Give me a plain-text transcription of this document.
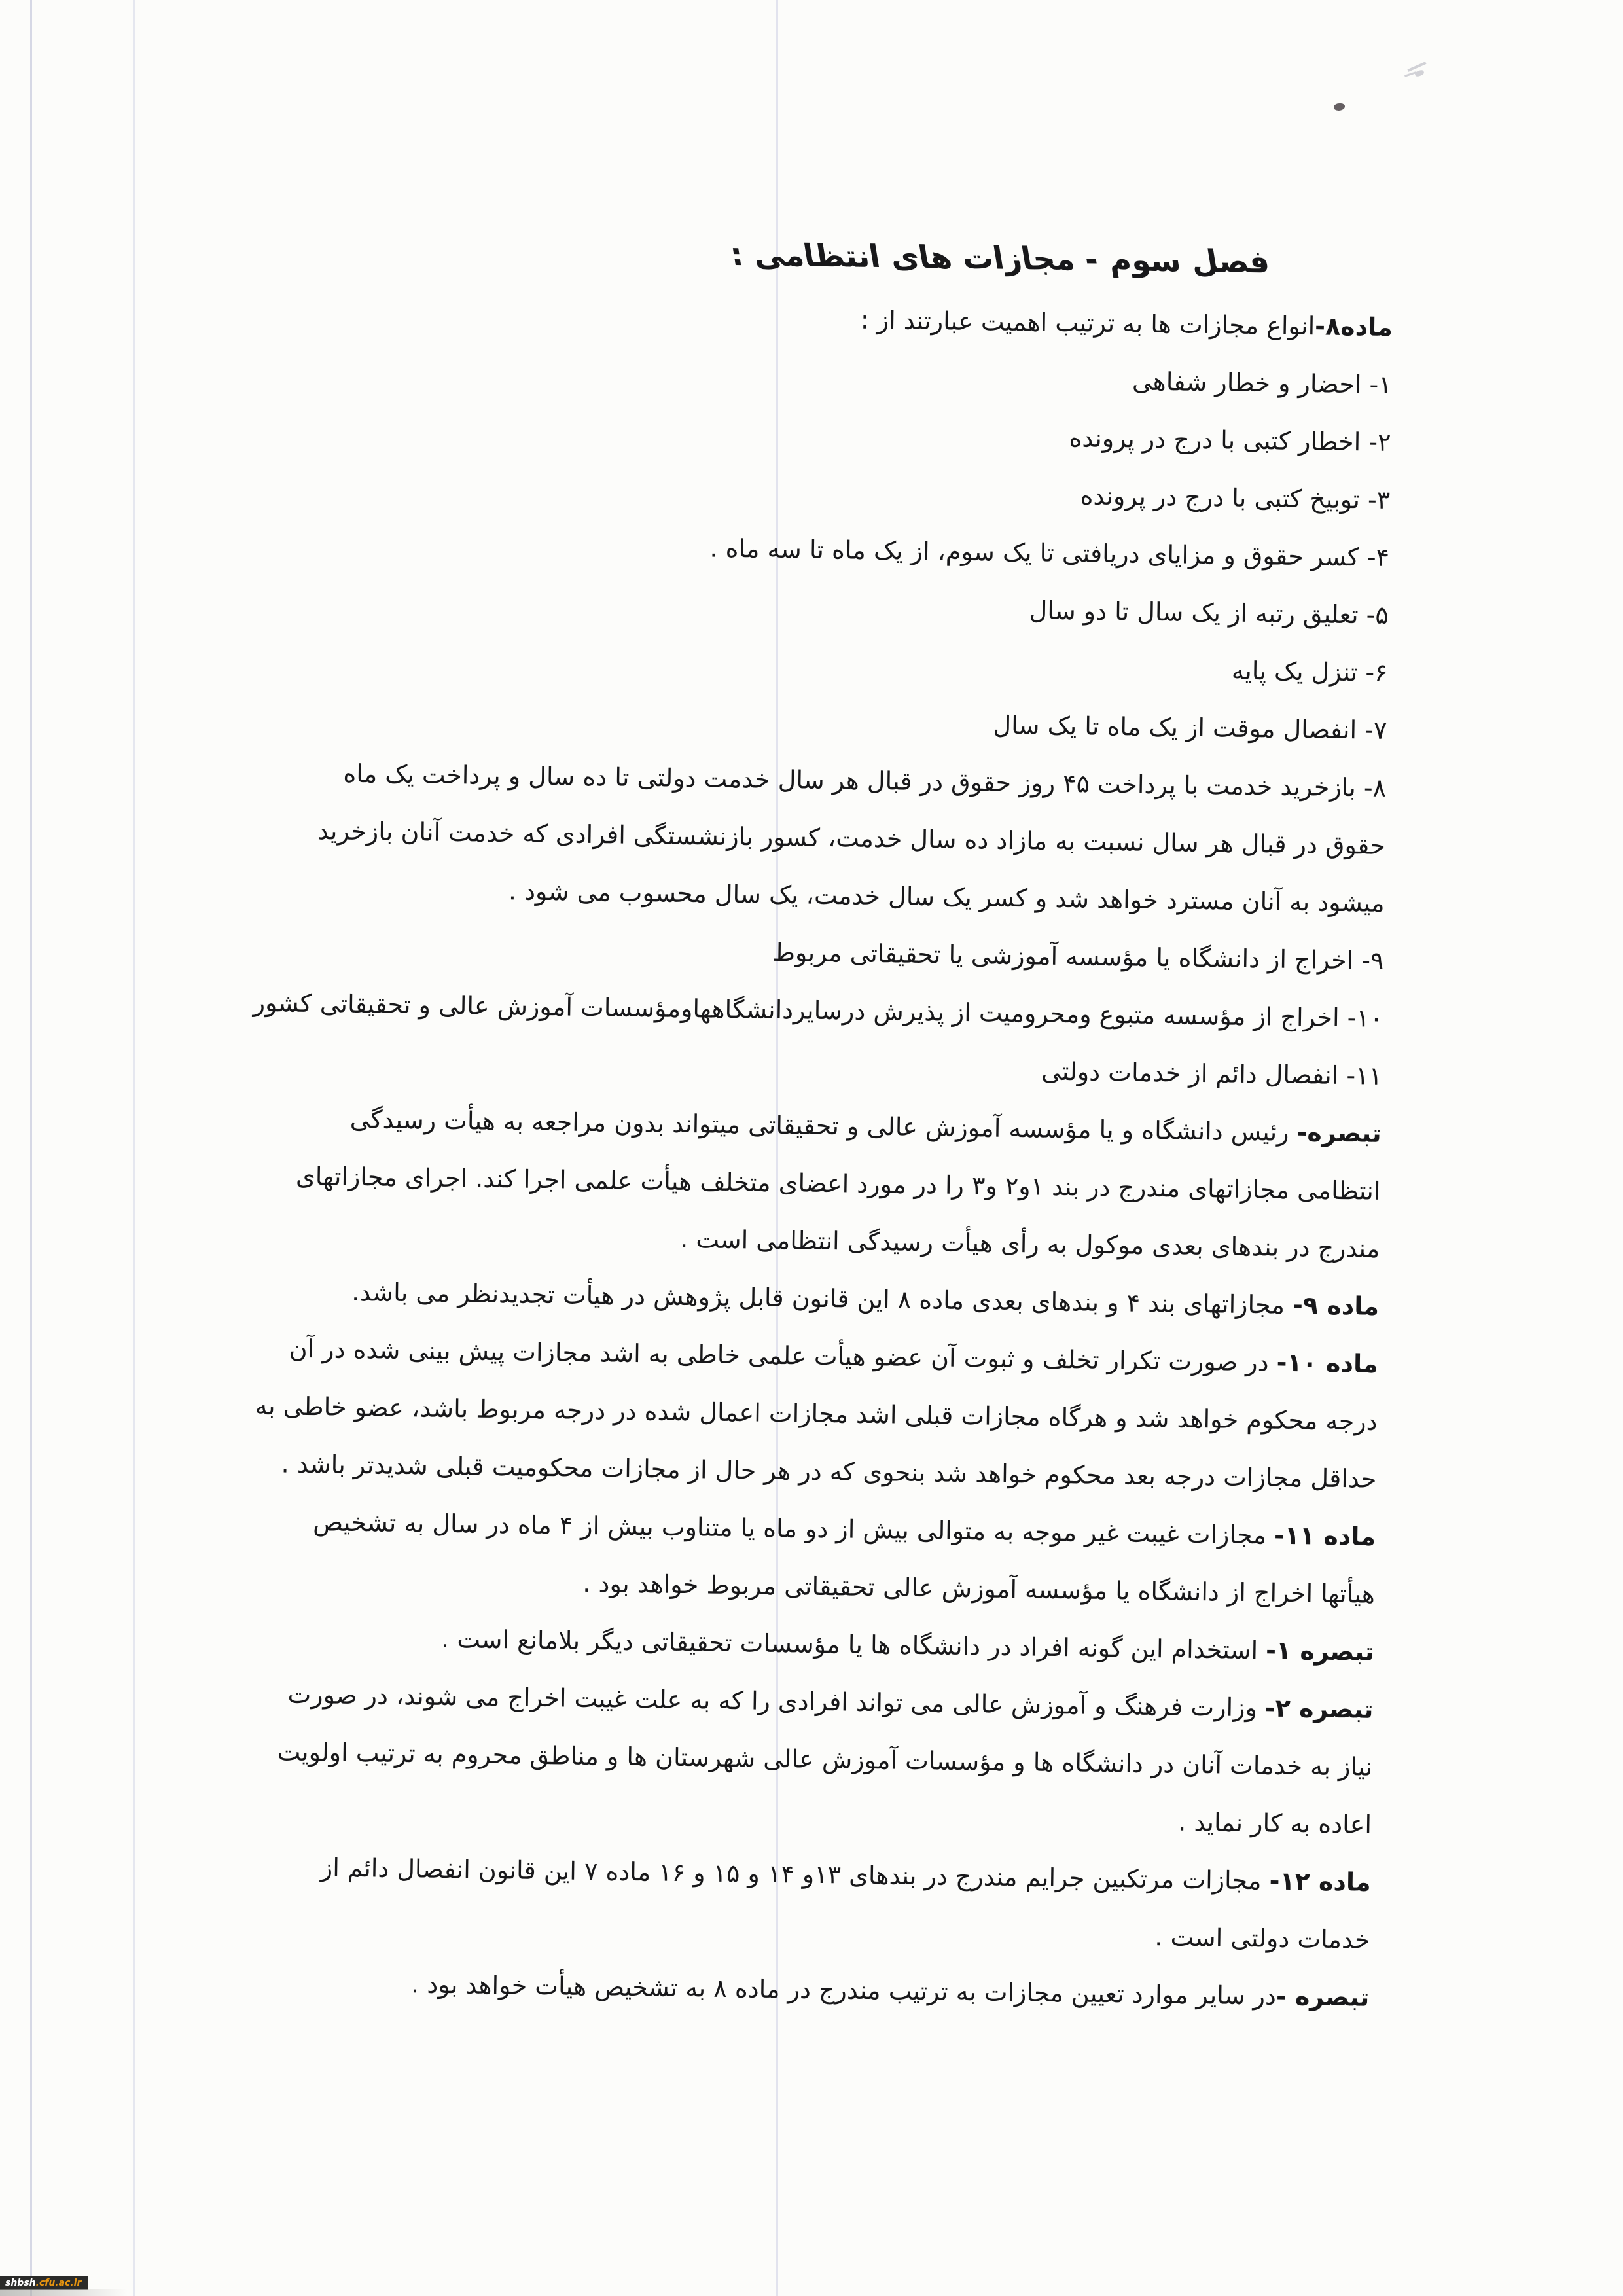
فصل سوم - مجازات های انتظامی :
ماده۸-انواع مجازات ها به ترتیب اهمیت عبارتند از :
۱- احضار و خطار شفاهی
۲- اخطار کتبی با درج در پرونده
۳- توبیخ کتبی با درج در پرونده
۴- کسر حقوق و مزایای دریافتی تا یک سوم، از یک ماه تا سه ماه .
۵- تعلیق رتبه از یک سال تا دو سال
۶- تنزل یک پایه
۷- انفصال موقت از یک ماه تا یک سال
۸- بازخرید خدمت با پرداخت ۴۵ روز حقوق در قبال هر سال خدمت دولتی تا ده سال و پرداخت یک ماه
حقوق در قبال هر سال نسبت به مازاد ده سال خدمت، کسور بازنشستگی افرادی که خدمت آنان بازخرید
میشود به آنان مسترد خواهد شد و کسر یک سال خدمت، یک سال محسوب می شود .
۹- اخراج از دانشگاه یا مؤسسه آموزشی یا تحقیقاتی مربوط
۱۰- اخراج از مؤسسه متبوع ومحرومیت از پذیرش درسایردانشگاههاومؤسسات آموزش عالی و تحقیقاتی کشور
۱۱- انفصال دائم از خدمات دولتی
تبصره- رئیس دانشگاه و یا مؤسسه آموزش عالی و تحقیقاتی میتواند بدون مراجعه به هیأت رسیدگی
انتظامی مجازاتهای مندرج در بند ۱و۲ و۳ را در مورد اعضای متخلف هیأت علمی اجرا کند. اجرای مجازاتهای
مندرج در بندهای بعدی موکول به رأی هیأت رسیدگی انتظامی است .
ماده ۹- مجازاتهای بند ۴ و بندهای بعدی ماده ۸ این قانون قابل پژوهش در هیأت تجدیدنظر می باشد.
ماده ۱۰- در صورت تکرار تخلف و ثبوت آن عضو هیأت علمی خاطی به اشد مجازات پیش بینی شده در آن
درجه محکوم خواهد شد و هرگاه مجازات قبلی اشد مجازات اعمال شده در درجه مربوط باشد، عضو خاطی به
حداقل مجازات درجه بعد محکوم خواهد شد بنحوی که در هر حال از مجازات محکومیت قبلی شدیدتر باشد .
ماده ۱۱- مجازات غیبت غیر موجه به متوالی بیش از دو ماه یا متناوب بیش از ۴ ماه در سال به تشخیص
هیأتها اخراج از دانشگاه یا مؤسسه آموزش عالی تحقیقاتی مربوط خواهد بود .
تبصره ۱- استخدام این گونه افراد در دانشگاه ها یا مؤسسات تحقیقاتی دیگر بلامانع است .
تبصره ۲- وزارت فرهنگ و آموزش عالی می تواند افرادی را که به علت غیبت اخراج می شوند، در صورت
نیاز به خدمات آنان در دانشگاه ها و مؤسسات آموزش عالی شهرستان ها و مناطق محروم به ترتیب اولویت
اعاده به کار نماید .
ماده ۱۲- مجازات مرتکبین جرایم مندرج در بندهای ۱۳و ۱۴ و ۱۵ و ۱۶ ماده ۷ این قانون انفصال دائم از
خدمات دولتی است .
تبصره -در سایر موارد تعیین مجازات به ترتیب مندرج در ماده ۸ به تشخیص هیأت خواهد بود .
shbsh.cfu.ac.ir
